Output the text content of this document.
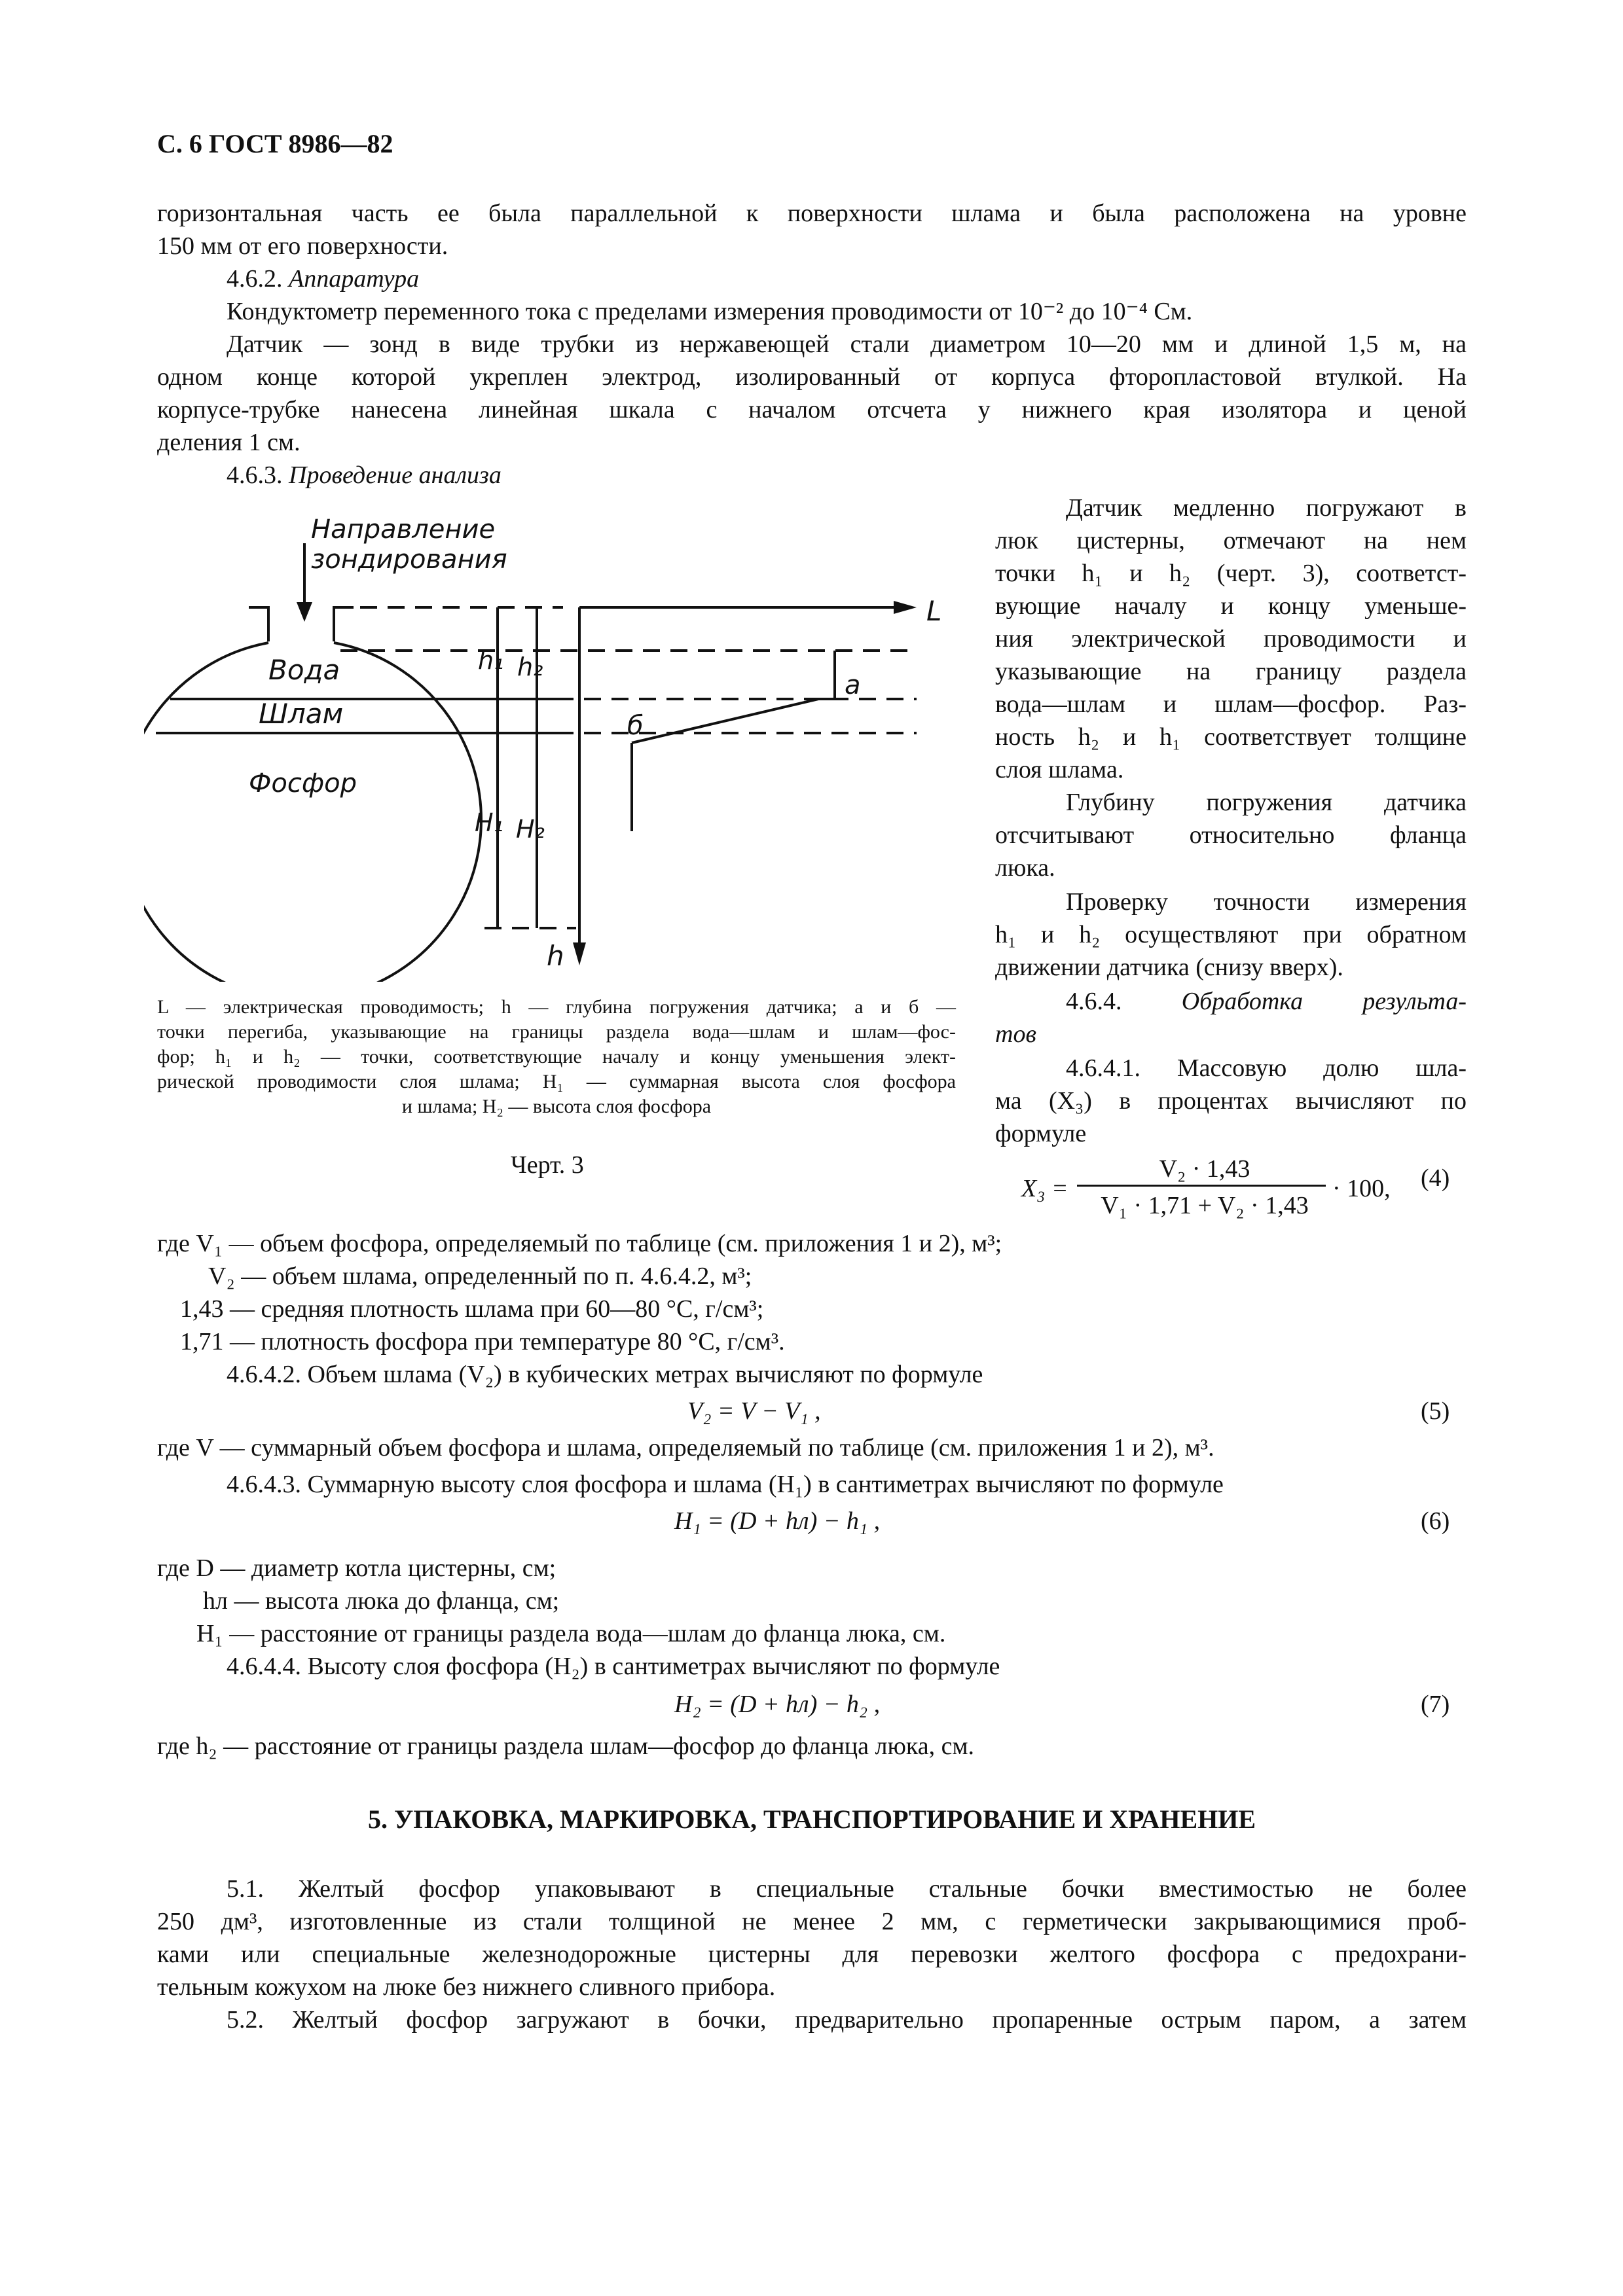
С. 6 ГОСТ 8986—82
горизонтальная часть ее была параллельной к поверхности шлама и была расположена на уровне
150 мм от его поверхности.
4.6.2. Аппаратура
Кондуктометр переменного тока с пределами измерения проводимости от 10⁻² до 10⁻⁴ См.
Датчик — зонд в виде трубки из нержавеющей стали диаметром 10—20 мм и длиной 1,5 м, на
одном конце которой укреплен электрод, изолированный от корпуса фторопластовой втулкой. На
корпусе-трубке нанесена линейная шкала с началом отсчета у нижнего края изолятора и ценой
деления 1 см.
4.6.3. Проведение анализа
Датчик медленно погружают в
люк цистерны, отмечают на нем
точки h₁ и h₂ (черт. 3), соответст-
вующие началу и концу уменьше-
ния электрической проводимости и
указывающие на границу раздела
вода—шлам и шлам—фосфор. Раз-
ность h₂ и h₁ соответствует толщине
слоя шлама.
Глубину погружения датчика
отсчитывают относительно фланца
люка.
Проверку точности измерения
h₁ и h₂ осуществляют при обратном
движении датчика (снизу вверх).
4.6.4. Обработка результа-
тов
4.6.4.1. Массовую долю шла-
ма (X₃) в процентах вычисляют по
формуле
Направление
зондирования
Вода
Шлам
Фосфор
h₁ h₂
H₁ H₂
L
h
а
б
L — электрическая проводимость; h — глубина погружения датчика; а и б —
точки перегиба, указывающие на границы раздела вода—шлам и шлам—фос-
фор; h₁ и h₂ — точки, соответствующие началу и концу уменьшения элект-
рической проводимости слоя шлама; H₁ — суммарная высота слоя фосфора
и шлама; H₂ — высота слоя фосфора
Черт. 3
X₃ =
V₂ · 1,43
V₁ · 1,71 + V₂ · 1,43
· 100, (4)
где V₁ — объем фосфора, определяемый по таблице (см. приложения 1 и 2), м³;
V₂ — объем шлама, определенный по п. 4.6.4.2, м³;
1,43 — средняя плотность шлама при 60—80 °С, г/см³;
1,71 — плотность фосфора при температуре 80 °С, г/см³.
4.6.4.2. Объем шлама (V₂) в кубических метрах вычисляют по формуле
V₂ = V − V₁ ,	(5)
где V — суммарный объем фосфора и шлама, определяемый по таблице (см. приложения 1 и 2), м³.
4.6.4.3. Суммарную высоту слоя фосфора и шлама (H₁) в сантиметрах вычисляют по формуле
H₁ = (D + hл) − h₁ ,	(6)
где D — диаметр котла цистерны, см;
hл — высота люка до фланца, см;
H₁ — расстояние от границы раздела вода—шлам до фланца люка, см.
4.6.4.4. Высоту слоя фосфора (H₂) в сантиметрах вычисляют по формуле
H₂ = (D + hл) − h₂ ,	(7)
где h₂ — расстояние от границы раздела шлам—фосфор до фланца люка, см.
5. УПАКОВКА, МАРКИРОВКА, ТРАНСПОРТИРОВАНИЕ И ХРАНЕНИЕ
5.1. Желтый фосфор упаковывают в специальные стальные бочки вместимостью не более
250 дм³, изготовленные из стали толщиной не менее 2 мм, с герметически закрывающимися проб-
ками или специальные железнодорожные цистерны для перевозки желтого фосфора с предохрани-
тельным кожухом на люке без нижнего сливного прибора.
5.2. Желтый фосфор загружают в бочки, предварительно пропаренные острым паром, а затем
